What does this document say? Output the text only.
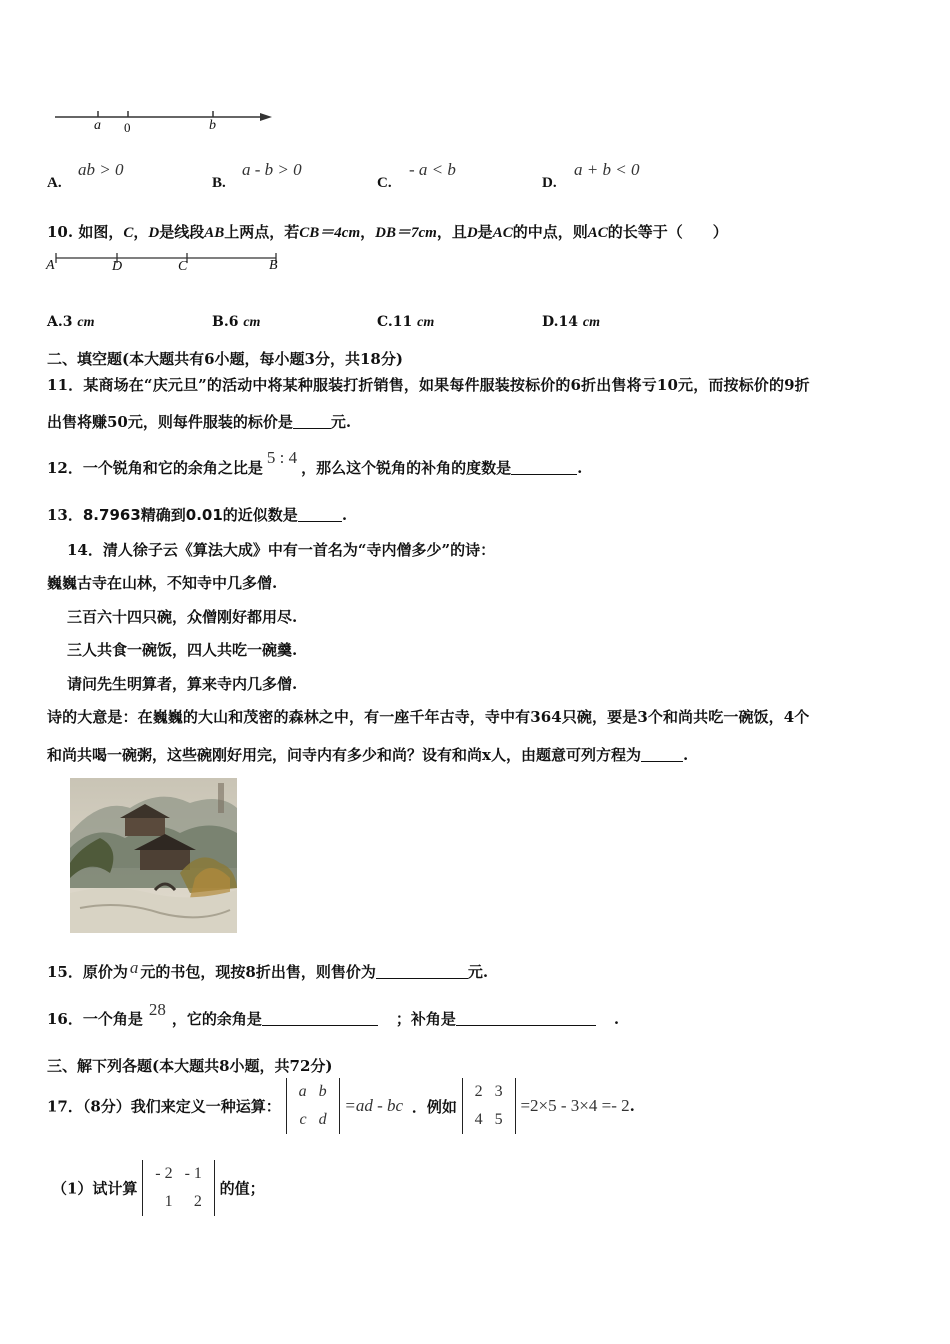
a 0	b
A.
ab > 0
B.
a - b > 0
C.
- a < b
D.
a + b < 0
10. 如图，C，D是线段AB上两点，若CB＝4cm，DB＝7cm，且D是AC的中点，则AC的长等于（　　）
A	D	C	B
A.3 cm	B.6 cm	C.11 cm	D.14 cm
二、填空题(本大题共有6小题，每小题3分，共18分)
11．某商场在“庆元旦”的活动中将某种服装打折销售，如果每件服装按标价的6折出售将亏10元，而按标价的9折
出售将赚50元，则每件服装的标价是	元.
12．一个锐角和它的余角之比是5 : 4，那么这个锐角的补角的度数是	.
13．8.7963精确到0.01的近似数是	.
14．清人徐子云《算法大成》中有一首名为“寺内僧多少”的诗：
巍巍古寺在山林，不知寺中几多僧.
三百六十四只碗，众僧刚好都用尽.
三人共食一碗饭，四人共吃一碗羹.
请问先生明算者，算来寺内几多僧.
诗的大意是：在巍巍的大山和茂密的森林之中，有一座千年古寺，寺中有364只碗，要是3个和尚共吃一碗饭，4个
和尚共喝一碗粥，这些碗刚好用完，问寺内有多少和尚？设有和尚x人，由题意可列方程为	.
15．原价为 a 元的书包，现按8折出售，则售价为	元.
16．一个角是 28 ，它的余角是	；补角是	.
三、解下列各题(本大题共8小题，共72分)
17．（8分）我们来定义一种运算：
a	b
c	d
=ad - bc ．例如
2	3
4	5
=2×5 - 3×4 =- 2.
（1）试计算
- 2	- 1
1	2
的值；
